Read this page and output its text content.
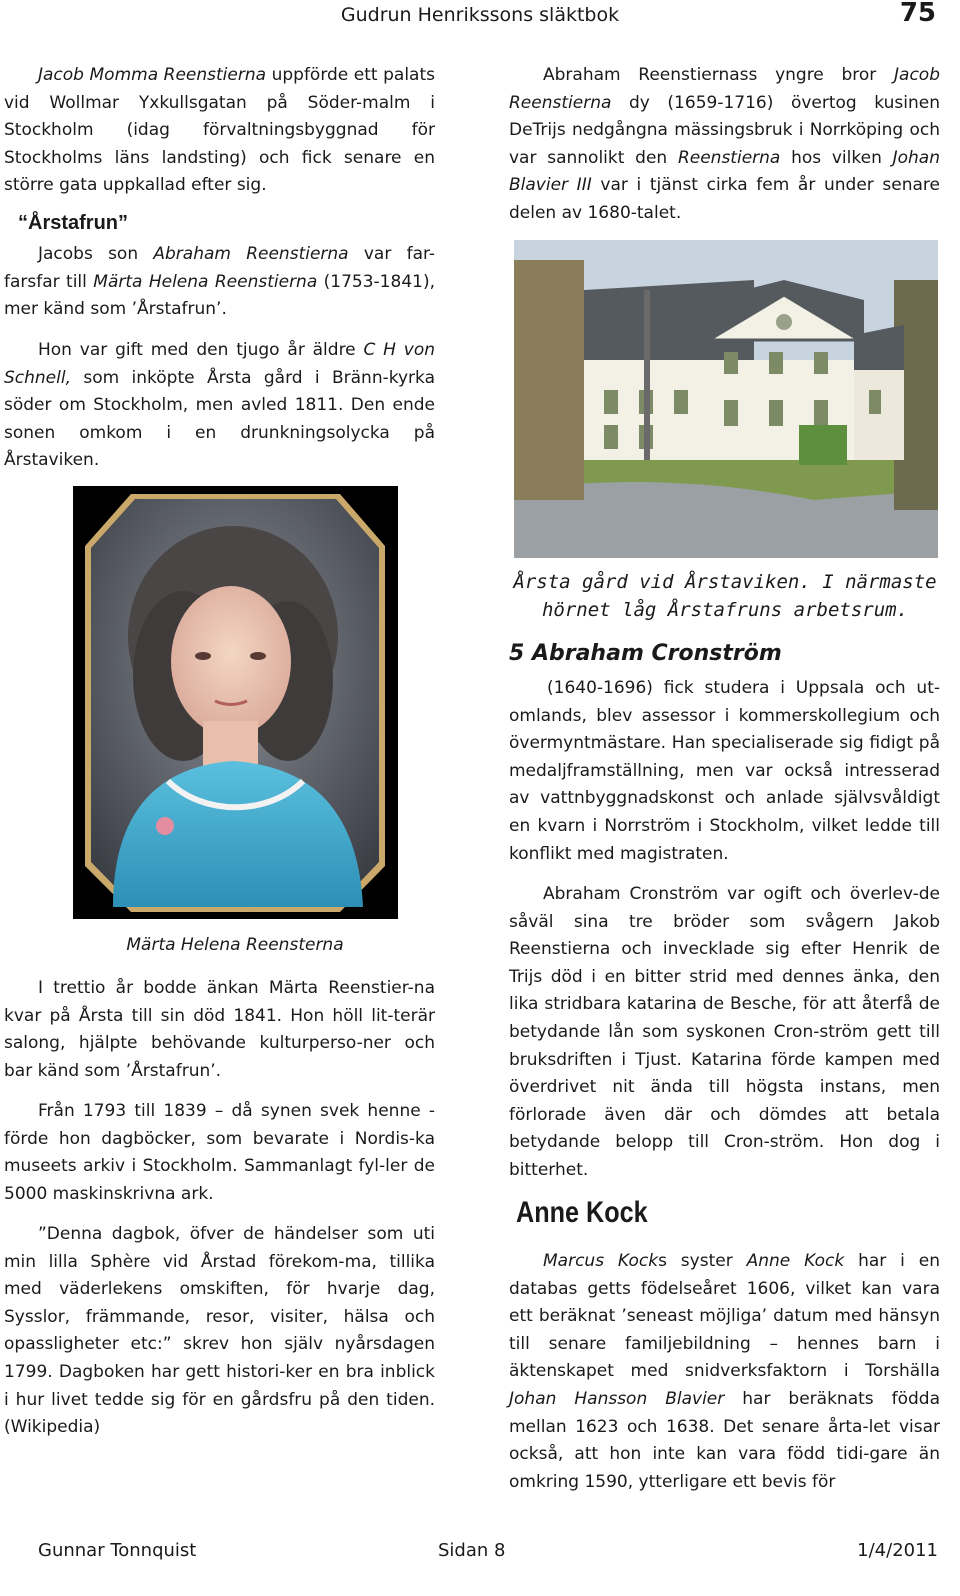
Gudrun Henrikssons släktbok	75
Jacob Momma Reenstierna uppförde ett palats vid Wollmar Yxkullsgatan på Söder-malm i Stockholm (idag förvaltningsbyggnad för Stockholms läns landsting) och fick senare en större gata uppkallad efter sig.
“Årstafrun”
Jacobs son Abraham Reenstierna var far-farsfar till Märta Helena Reenstierna (1753-1841), mer känd som ’Årstafrun’.
Hon var gift med den tjugo år äldre C H von Schnell, som inköpte Årsta gård i Bränn-kyrka söder om Stockholm, men avled 1811. Den ende sonen omkom i en drunkningsolycka på Årstaviken.
Märta Helena Reensterna
I trettio år bodde änkan Märta Reenstier-na kvar på Årsta till sin död 1841. Hon höll lit-terär salong, hjälpte behövande kulturperso-ner och bar känd som ’Årstafrun’.
Från 1793 till 1839 – då synen svek henne - förde hon dagböcker, som bevarate i Nordis-ka museets arkiv i Stockholm. Sammanlagt fyl-ler de 5000 maskinskrivna ark.
”Denna dagbok, öfver de händelser som uti min lilla Sphère vid Årstad förekom-ma, tillika med väderlekens omskiften, för hvarje dag, Sysslor, främmande, resor, visiter, hälsa och opassligheter etc:” skrev hon själv nyårsdagen 1799. Dagboken har gett histori-ker en bra inblick i hur livet tedde sig för en gårdsfru på den tiden. (Wikipedia)
Abraham Reenstiernass yngre bror Jacob Reenstierna dy (1659-1716) övertog kusinen DeTrijs nedgångna mässingsbruk i Norrköping och var sannolikt den Reenstierna hos vilken Johan Blavier III var i tjänst cirka fem år under senare delen av 1680-talet.
Årsta gård vid Årstaviken. I närmaste
hörnet låg Årstafruns arbetsrum.
5 Abraham Cronström
(1640-1696) fick studera i Uppsala och ut-omlands, blev assessor i kommerskollegium och övermyntmästare. Han specialiserade sig fidigt på medaljframställning, men var också intresserad av vattnbyggnadskonst och anlade självsvåldigt en kvarn i Norrström i Stockholm, vilket ledde till konflikt med magistraten.
Abraham Cronström var ogift och överlev-de såväl sina tre bröder som svågern Jakob Reenstierna och invecklade sig efter Henrik de Trijs död i en bitter strid med dennes änka, den lika stridbara katarina de Besche, för att återfå de betydande lån som syskonen Cron-ström gett till bruksdriften i Tjust. Katarina förde kampen med överdrivet nit ända till högsta instans, men förlorade även där och dömdes att betala betydande belopp till Cron-ström. Hon dog i bitterhet.
Anne Kock
Marcus Kocks syster Anne Kock har i en databas getts födelseåret 1606, vilket kan vara ett beräknat ’seneast möjliga’ datum med hänsyn till senare familjebildning – hennes barn i äktenskapet med snidverksfaktorn i Torshälla Johan Hansson Blavier har beräknats födda mellan 1623 och 1638. Det senare årta-let visar också, att hon inte kan vara född tidi-gare än omkring 1590, ytterligare ett bevis för
Gunnar Tonnquist	Sidan 8	1/4/2011
